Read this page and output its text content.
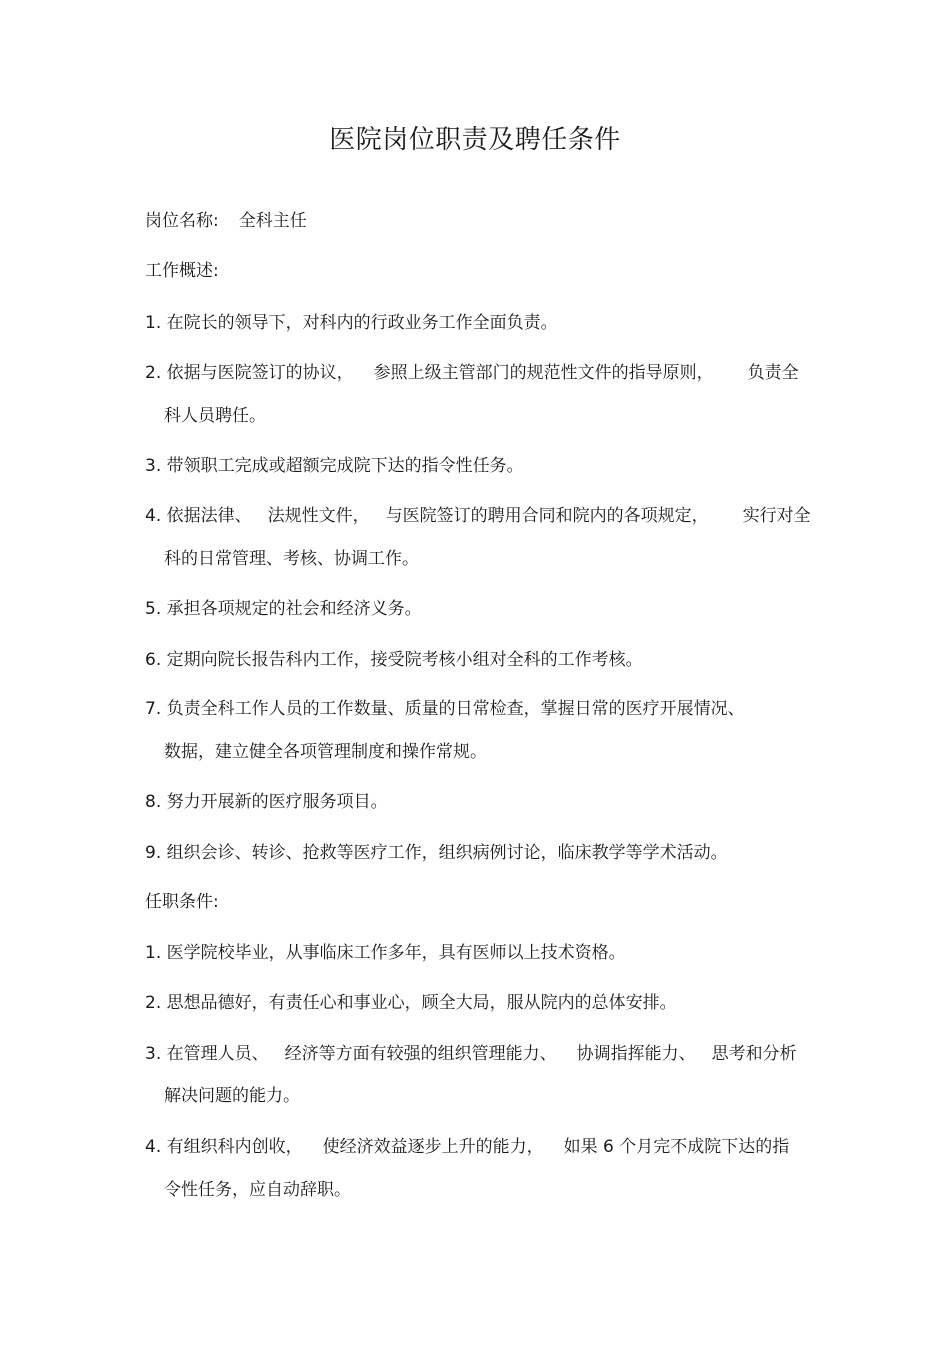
医院岗位职责及聘任条件
岗位名称: 全科主任
工作概述:
1. 在院长的领导下，对科内的行政业务工作全面负责。
2. 依据与医院签订的协议， 参照上级主管部门的规范性文件的指导原则， 负责全
科人员聘任。
3. 带领职工完成或超额完成院下达的指令性任务。
4. 依据法律、 法规性文件， 与医院签订的聘用合同和院内的各项规定， 实行对全
科的日常管理、考核、协调工作。
5. 承担各项规定的社会和经济义务。
6. 定期向院长报告科内工作，接受院考核小组对全科的工作考核。
7. 负责全科工作人员的工作数量、质量的日常检查，掌握日常的医疗开展情况、
数据，建立健全各项管理制度和操作常规。
8. 努力开展新的医疗服务项目。
9. 组织会诊、转诊、抢救等医疗工作，组织病例讨论，临床教学等学术活动。
任职条件:
1. 医学院校毕业，从事临床工作多年，具有医师以上技术资格。
2. 思想品德好，有责任心和事业心，顾全大局，服从院内的总体安排。
3. 在管理人员、 经济等方面有较强的组织管理能力、 协调指挥能力、 思考和分析
解决问题的能力。
4. 有组织科内创收， 使经济效益逐步上升的能力， 如果 6 个月完不成院下达的指
令性任务，应自动辞职。
